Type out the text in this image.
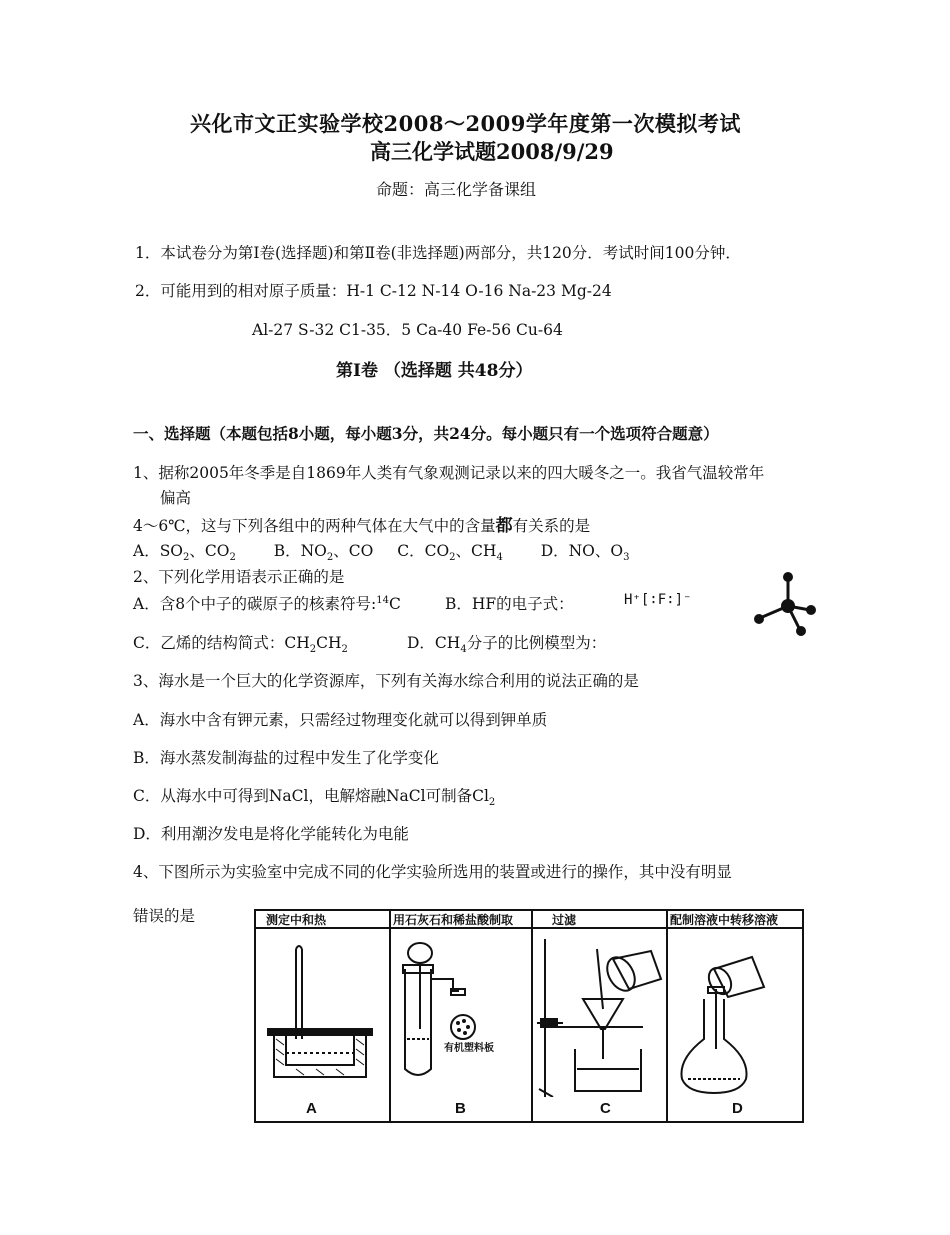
兴化市文正实验学校2008～2009学年度第一次模拟考试
高三化学试题2008/9/29
命题：高三化学备课组
1．本试卷分为第Ⅰ卷(选择题)和第Ⅱ卷(非选择题)两部分，共120分．考试时间100分钟．
2．可能用到的相对原子质量：H-1 C-12 N-14 O-16 Na-23 Mg-24
Al-27 S-32 C1-35．5 Ca-40 Fe-56 Cu-64
第Ⅰ卷 （选择题 共48分）
一、选择题（本题包括8小题，每小题3分，共24分。每小题只有一个选项符合题意）
1、据称2005年冬季是自1869年人类有气象观测记录以来的四大暖冬之一。我省气温较常年
偏高
4～6℃，这与下列各组中的两种气体在大气中的含量都有关系的是
A．$SO_2$、$CO_2$ B．$NO_2$、CO C．$CO_2$、$CH_4$ D．NO、$O_3$
2、下列化学用语表示正确的是
A．含8个中子的碳原子的核素符号:$^{14}$C	B．HF的电子式：	H⁺[∶F∶]⁻
C．乙烯的结构简式：$CH_2CH_2$	D．$CH_4$分子的比例模型为：
3、海水是一个巨大的化学资源库，下列有关海水综合利用的说法正确的是
A．海水中含有钾元素，只需经过物理变化就可以得到钾单质
B．海水蒸发制海盐的过程中发生了化学变化
C．从海水中可得到NaCl，电解熔融NaCl可制备$Cl_2$
D．利用潮汐发电是将化学能转化为电能
4、下图所示为实验室中完成不同的化学实验所选用的装置或进行的操作，其中没有明显
错误的是	测定中和热	用石灰石和稀盐酸制取	过滤	配制溶液中转移溶液
有机塑料板
A	B	C	D
